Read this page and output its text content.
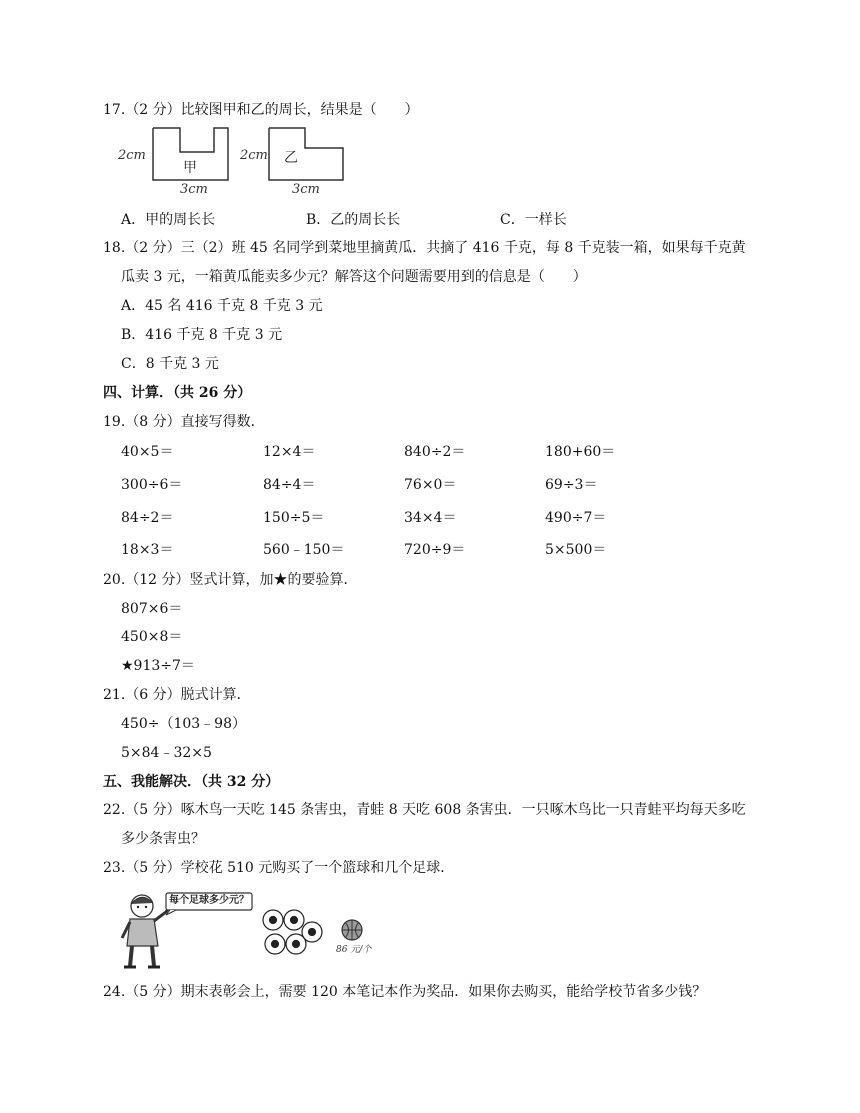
17.（2 分）比较图甲和乙的周长，结果是（　　）
2cm
3cm
甲
2cm
3cm
乙
A．甲的周长长	B．乙的周长长	C．一样长
18.（2 分）三（2）班 45 名同学到菜地里摘黄瓜．共摘了 416 千克，每 8 千克装一箱，如果每千克黄
瓜卖 3 元，一箱黄瓜能卖多少元？解答这个问题需要用到的信息是（　　）
A．45 名 416 千克 8 千克 3 元
B．416 千克 8 千克 3 元
C．8 千克 3 元
四、计算．（共 26 分）
19.（8 分）直接写得数．
40×5＝	12×4＝	840÷2＝	180+60＝
300÷6＝	84÷4＝	76×0＝	69÷3＝
84÷2＝	150÷5＝	34×4＝	490÷7＝
18×3＝	560﹣150＝	720÷9＝	5×500＝
20.（12 分）竖式计算，加★的要验算．
807×6＝
450×8＝
★913÷7＝
21.（6 分）脱式计算．
450÷（103﹣98）
5×84﹣32×5
五、我能解决．（共 32 分）
22.（5 分）啄木鸟一天吃 145 条害虫，青蛙 8 天吃 608 条害虫．一只啄木鸟比一只青蛙平均每天多吃
多少条害虫？
23.（5 分）学校花 510 元购买了一个篮球和几个足球．
每个足球多少元？
86 元/个
24.（5 分）期末表彰会上，需要 120 本笔记本作为奖品．如果你去购买，能给学校节省多少钱？
